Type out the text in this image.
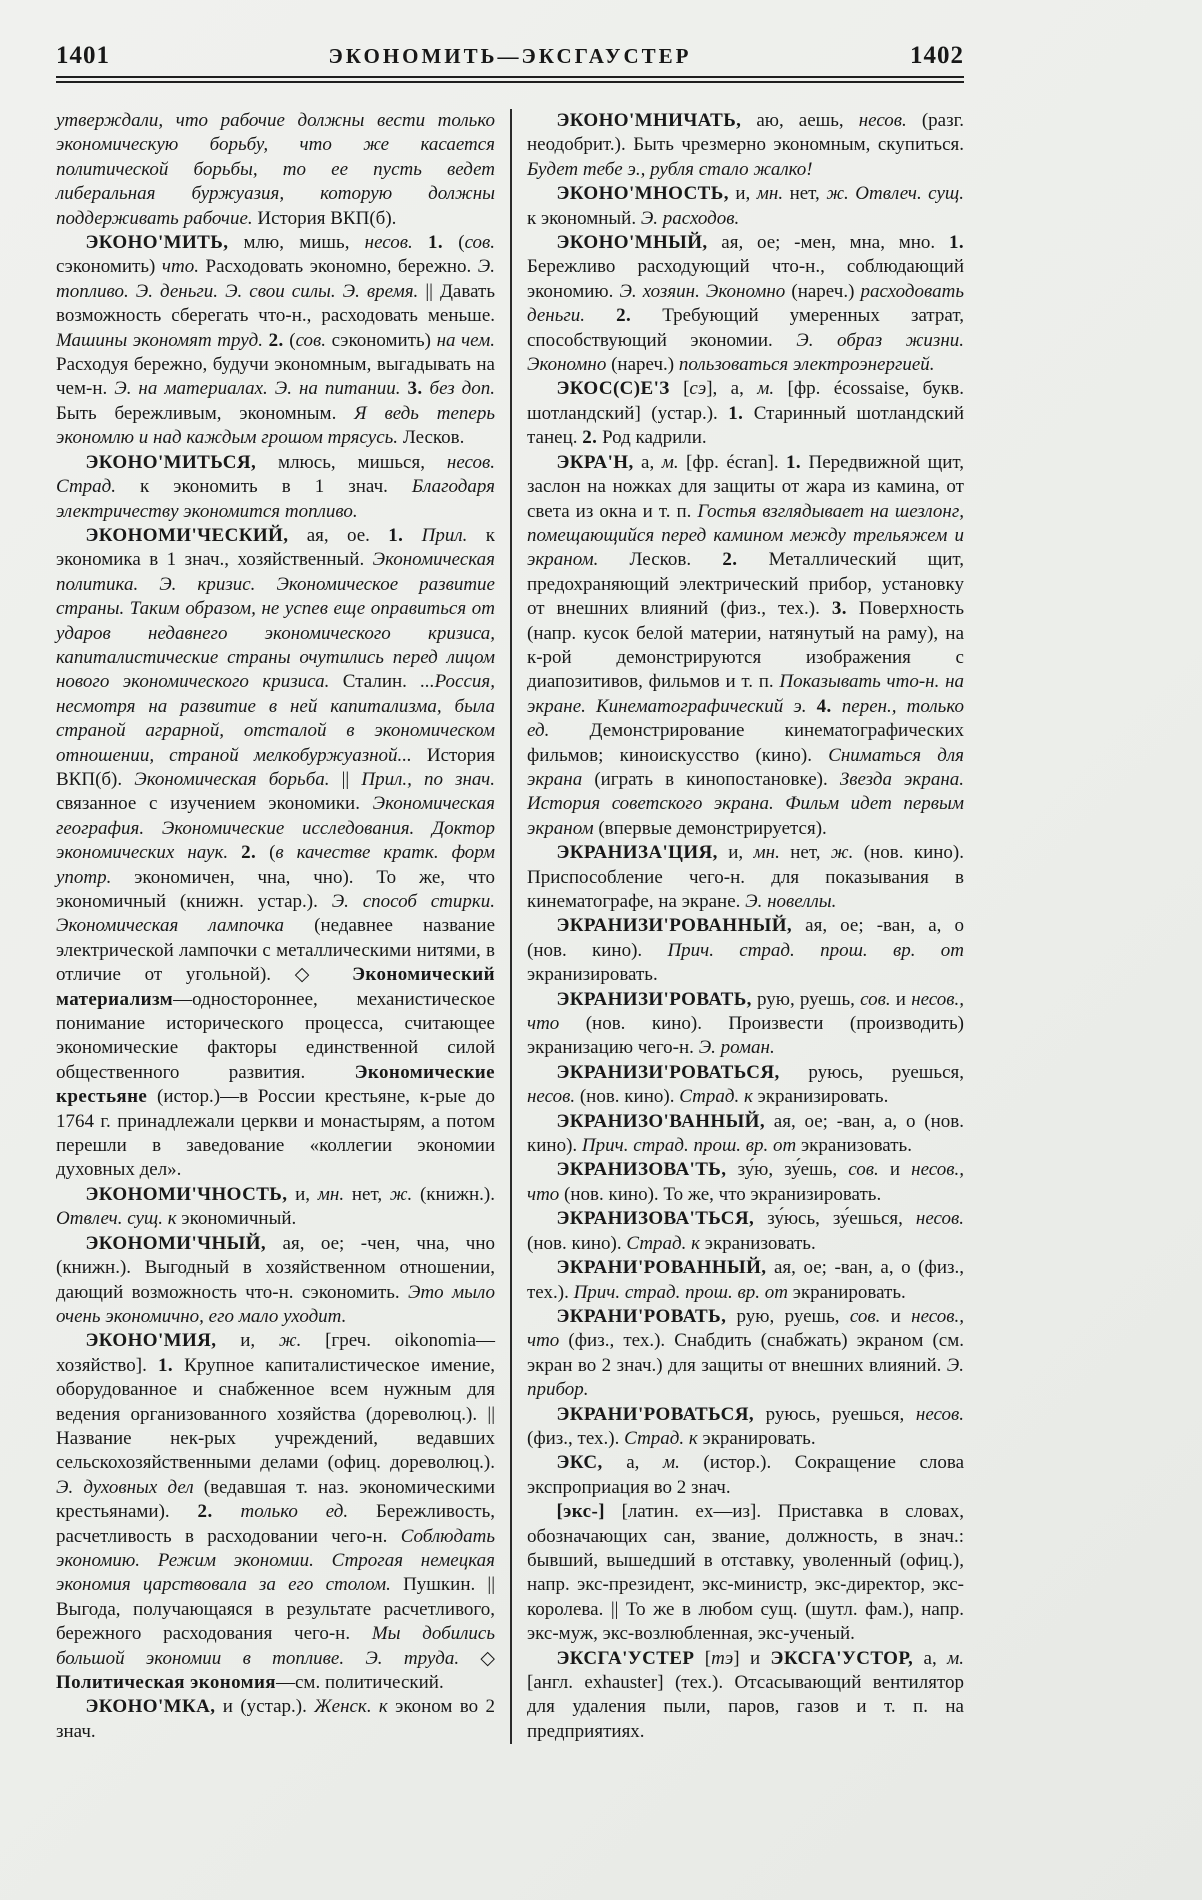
1401	ЭКОНОМИТЬ—ЭКСГАУСТЕР	1402

утверждали, что рабочие должны вести только экономическую борьбу, что же касается политической борьбы, то ее пусть ведет либеральная буржуазия, которую должны поддерживать рабочие. История ВКП(б).

ЭКОНО'МИТЬ, млю, мишь, несов. 1. (сов. сэкономить) что. Расходовать экономно, бережно. Э. топливо. Э. деньги. Э. свои силы. Э. время. || Давать возможность сберегать что-н., расходовать меньше. Машины экономят труд. 2. (сов. сэкономить) на чем. Расходуя бережно, будучи экономным, выгадывать на чем-н. Э. на материалах. Э. на питании. 3. без доп. Быть бережливым, экономным. Я ведь теперь экономлю и над каждым грошом трясусь. Лесков.

ЭКОНО'МИТЬСЯ, млюсь, мишься, несов. Страд. к экономить в 1 знач. Благодаря электричеству экономится топливо.

ЭКОНОМИ'ЧЕСКИЙ, ая, ое. 1. Прил. к экономика в 1 знач., хозяйственный. Экономическая политика. Э. кризис. Экономическое развитие страны. Таким образом, не успев еще оправиться от ударов недавнего экономического кризиса, капиталистические страны очутились перед лицом нового экономического кризиса. Сталин. ...Россия, несмотря на развитие в ней капитализма, была страной аграрной, отсталой в экономическом отношении, страной мелкобуржуазной... История ВКП(б). Экономическая борьба. || Прил., по знач. связанное с изучением экономики. Экономическая география. Экономические исследования. Доктор экономических наук. 2. (в качестве кратк. форм употр. экономичен, чна, чно). То же, что экономичный (книжн. устар.). Э. способ стирки. Экономическая лампочка (недавнее название электрической лампочки с металлическими нитями, в отличие от угольной). ◇ Экономический материализм—одностороннее, механистическое понимание исторического процесса, считающее экономические факторы единственной силой общественного развития. Экономические крестьяне (истор.)—в России крестьяне, к-рые до 1764 г. принадлежали церкви и монастырям, а потом перешли в заведование «коллегии экономии духовных дел».

ЭКОНОМИ'ЧНОСТЬ, и, мн. нет, ж. (книжн.). Отвлеч. сущ. к экономичный.

ЭКОНОМИ'ЧНЫЙ, ая, ое; -чен, чна, чно (книжн.). Выгодный в хозяйственном отношении, дающий возможность что-н. сэкономить. Это мыло очень экономично, его мало уходит.

ЭКОНО'МИЯ, и, ж. [греч. oikonomia—хозяйство]. 1. Крупное капиталистическое имение, оборудованное и снабженное всем нужным для ведения организованного хозяйства (дореволюц.). || Название нек-рых учреждений, ведавших сельскохозяйственными делами (офиц. дореволюц.). Э. духовных дел (ведавшая т. наз. экономическими крестьянами). 2. только ед. Бережливость, расчетливость в расходовании чего-н. Соблюдать экономию. Режим экономии. Строгая немецкая экономия царствовала за его столом. Пушкин. || Выгода, получающаяся в результате расчетливого, бережного расходования чего-н. Мы добились большой экономии в топливе. Э. труда. ◇ Политическая экономия—см. политический.

ЭКОНО'МКА, и (устар.). Женск. к эконом во 2 знач.

ЭКОНО'МНИЧАТЬ, аю, аешь, несов. (разг. неодобрит.). Быть чрезмерно экономным, скупиться. Будет тебе э., рубля стало жалко!

ЭКОНО'МНОСТЬ, и, мн. нет, ж. Отвлеч. сущ. к экономный. Э. расходов.

ЭКОНО'МНЫЙ, ая, ое; -мен, мна, мно. 1. Бережливо расходующий что-н., соблюдающий экономию. Э. хозяин. Экономно (нареч.) расходовать деньги. 2. Требующий умеренных затрат, способствующий экономии. Э. образ жизни. Экономно (нареч.) пользоваться электроэнергией.

ЭКОС(С)Е'З [сэ], а, м. [фр. écossaise, букв. шотландский] (устар.). 1. Старинный шотландский танец. 2. Род кадрили.

ЭКРА'Н, а, м. [фр. écran]. 1. Передвижной щит, заслон на ножках для защиты от жара из камина, от света из окна и т. п. Гостья взглядывает на шезлонг, помещающийся перед камином между трельяжем и экраном. Лесков. 2. Металлический щит, предохраняющий электрический прибор, установку от внешних влияний (физ., тех.). 3. Поверхность (напр. кусок белой материи, натянутый на раму), на к-рой демонстрируются изображения с диапозитивов, фильмов и т. п. Показывать что-н. на экране. Кинематографический э. 4. перен., только ед. Демонстрирование кинематографических фильмов; киноискусство (кино). Сниматься для экрана (играть в кинопостановке). Звезда экрана. История советского экрана. Фильм идет первым экраном (впервые демонстрируется).

ЭКРАНИЗА'ЦИЯ, и, мн. нет, ж. (нов. кино). Приспособление чего-н. для показывания в кинематографе, на экране. Э. новеллы.

ЭКРАНИЗИ'РОВАННЫЙ, ая, ое; -ван, а, о (нов. кино). Прич. страд. прош. вр. от экранизировать.

ЭКРАНИЗИ'РОВАТЬ, рую, руешь, сов. и несов., что (нов. кино). Произвести (производить) экранизацию чего-н. Э. роман.

ЭКРАНИЗИ'РОВАТЬСЯ, руюсь, руешься, несов. (нов. кино). Страд. к экранизировать.

ЭКРАНИЗО'ВАННЫЙ, ая, ое; -ван, а, о (нов. кино). Прич. страд. прош. вр. от экранизовать.

ЭКРАНИЗОВА'ТЬ, зу́ю, зу́ешь, сов. и несов., что (нов. кино). То же, что экранизировать.

ЭКРАНИЗОВА'ТЬСЯ, зу́юсь, зу́ешься, несов. (нов. кино). Страд. к экранизовать.

ЭКРАНИ'РОВАННЫЙ, ая, ое; -ван, а, о (физ., тех.). Прич. страд. прош. вр. от экранировать.

ЭКРАНИ'РОВАТЬ, рую, руешь, сов. и несов., что (физ., тех.). Снабдить (снабжать) экраном (см. экран во 2 знач.) для защиты от внешних влияний. Э. прибор.

ЭКРАНИ'РОВАТЬСЯ, руюсь, руешься, несов. (физ., тех.). Страд. к экранировать.

ЭКС, а, м. (истор.). Сокращение слова экспроприация во 2 знач.

[экс-] [латин. ex—из]. Приставка в словах, обозначающих сан, звание, должность, в знач.: бывший, вышедший в отставку, уволенный (офиц.), напр. экс-президент, экс-министр, экс-директор, экс-королева. || То же в любом сущ. (шутл. фам.), напр. экс-муж, экс-возлюбленная, экс-ученый.

ЭКСГА'УСТЕР [тэ] и ЭКСГА'УСТОР, а, м. [англ. exhauster] (тех.). Отсасывающий вентилятор для удаления пыли, паров, газов и т. п. на предприятиях.
